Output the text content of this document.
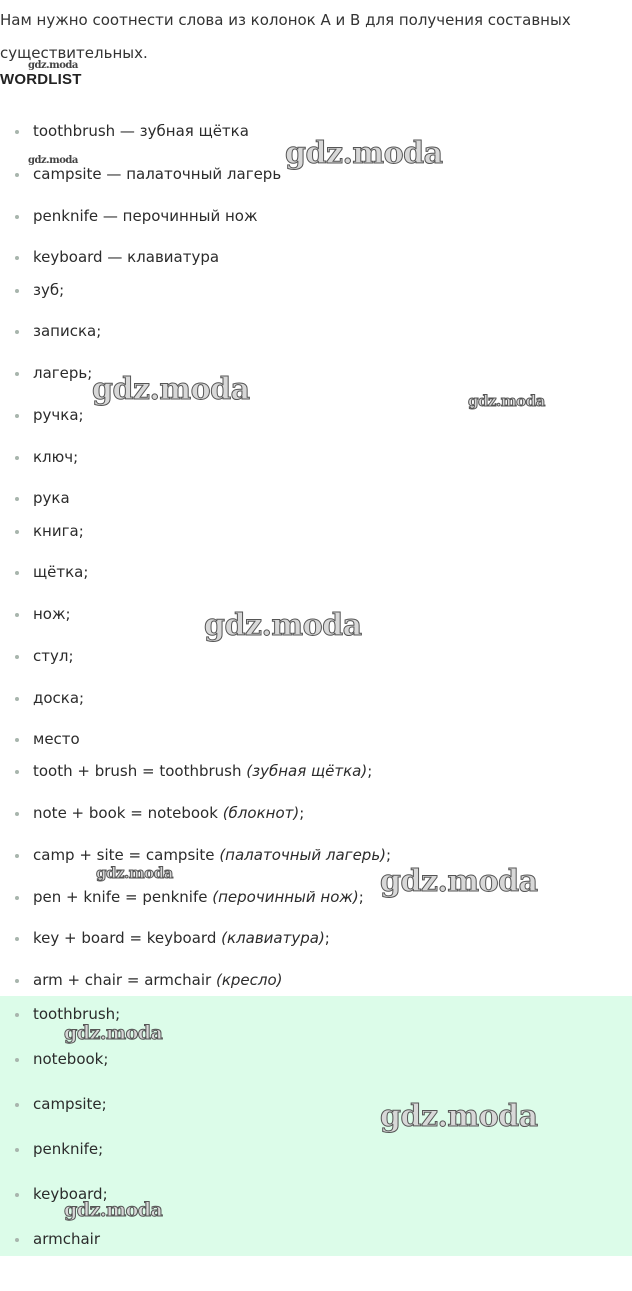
Нам нужно соотнести слова из колонок A и B для получения составных существительных.

WORDLIST
toothbrush — зубная щётка
campsite — палаточный лагерь
penknife — перочинный нож
keyboard — клавиатура
зуб;
записка;
лагерь;
ручка;
ключ;
рука
книга;
щётка;
нож;
стул;
доска;
место
tooth + brush = toothbrush (зубная щётка);
note + book = notebook (блокнот);
camp + site = campsite (палаточный лагерь);
pen + knife = penknife (перочинный нож);
key + board = keyboard (клавиатура);
arm + chair = armchair (кресло)
toothbrush;
notebook;
campsite;
penknife;
keyboard;
armchair
gdz.moda
gdz.moda	gdz.moda
gdz.moda	gdz.moda
gdz.moda
gdz.moda	gdz.moda
gdz.moda
gdz.moda
gdz.moda
